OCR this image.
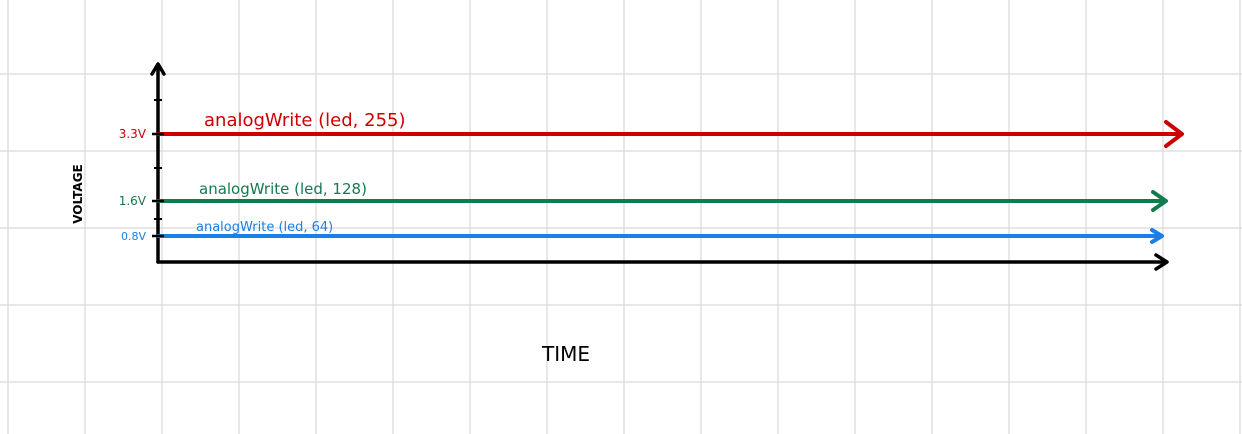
3.3V
analogWrite (led, 255)
1.6V
analogWrite (led, 128)
0.8V
analogWrite (led, 64)
VOLTAGE
TIME
